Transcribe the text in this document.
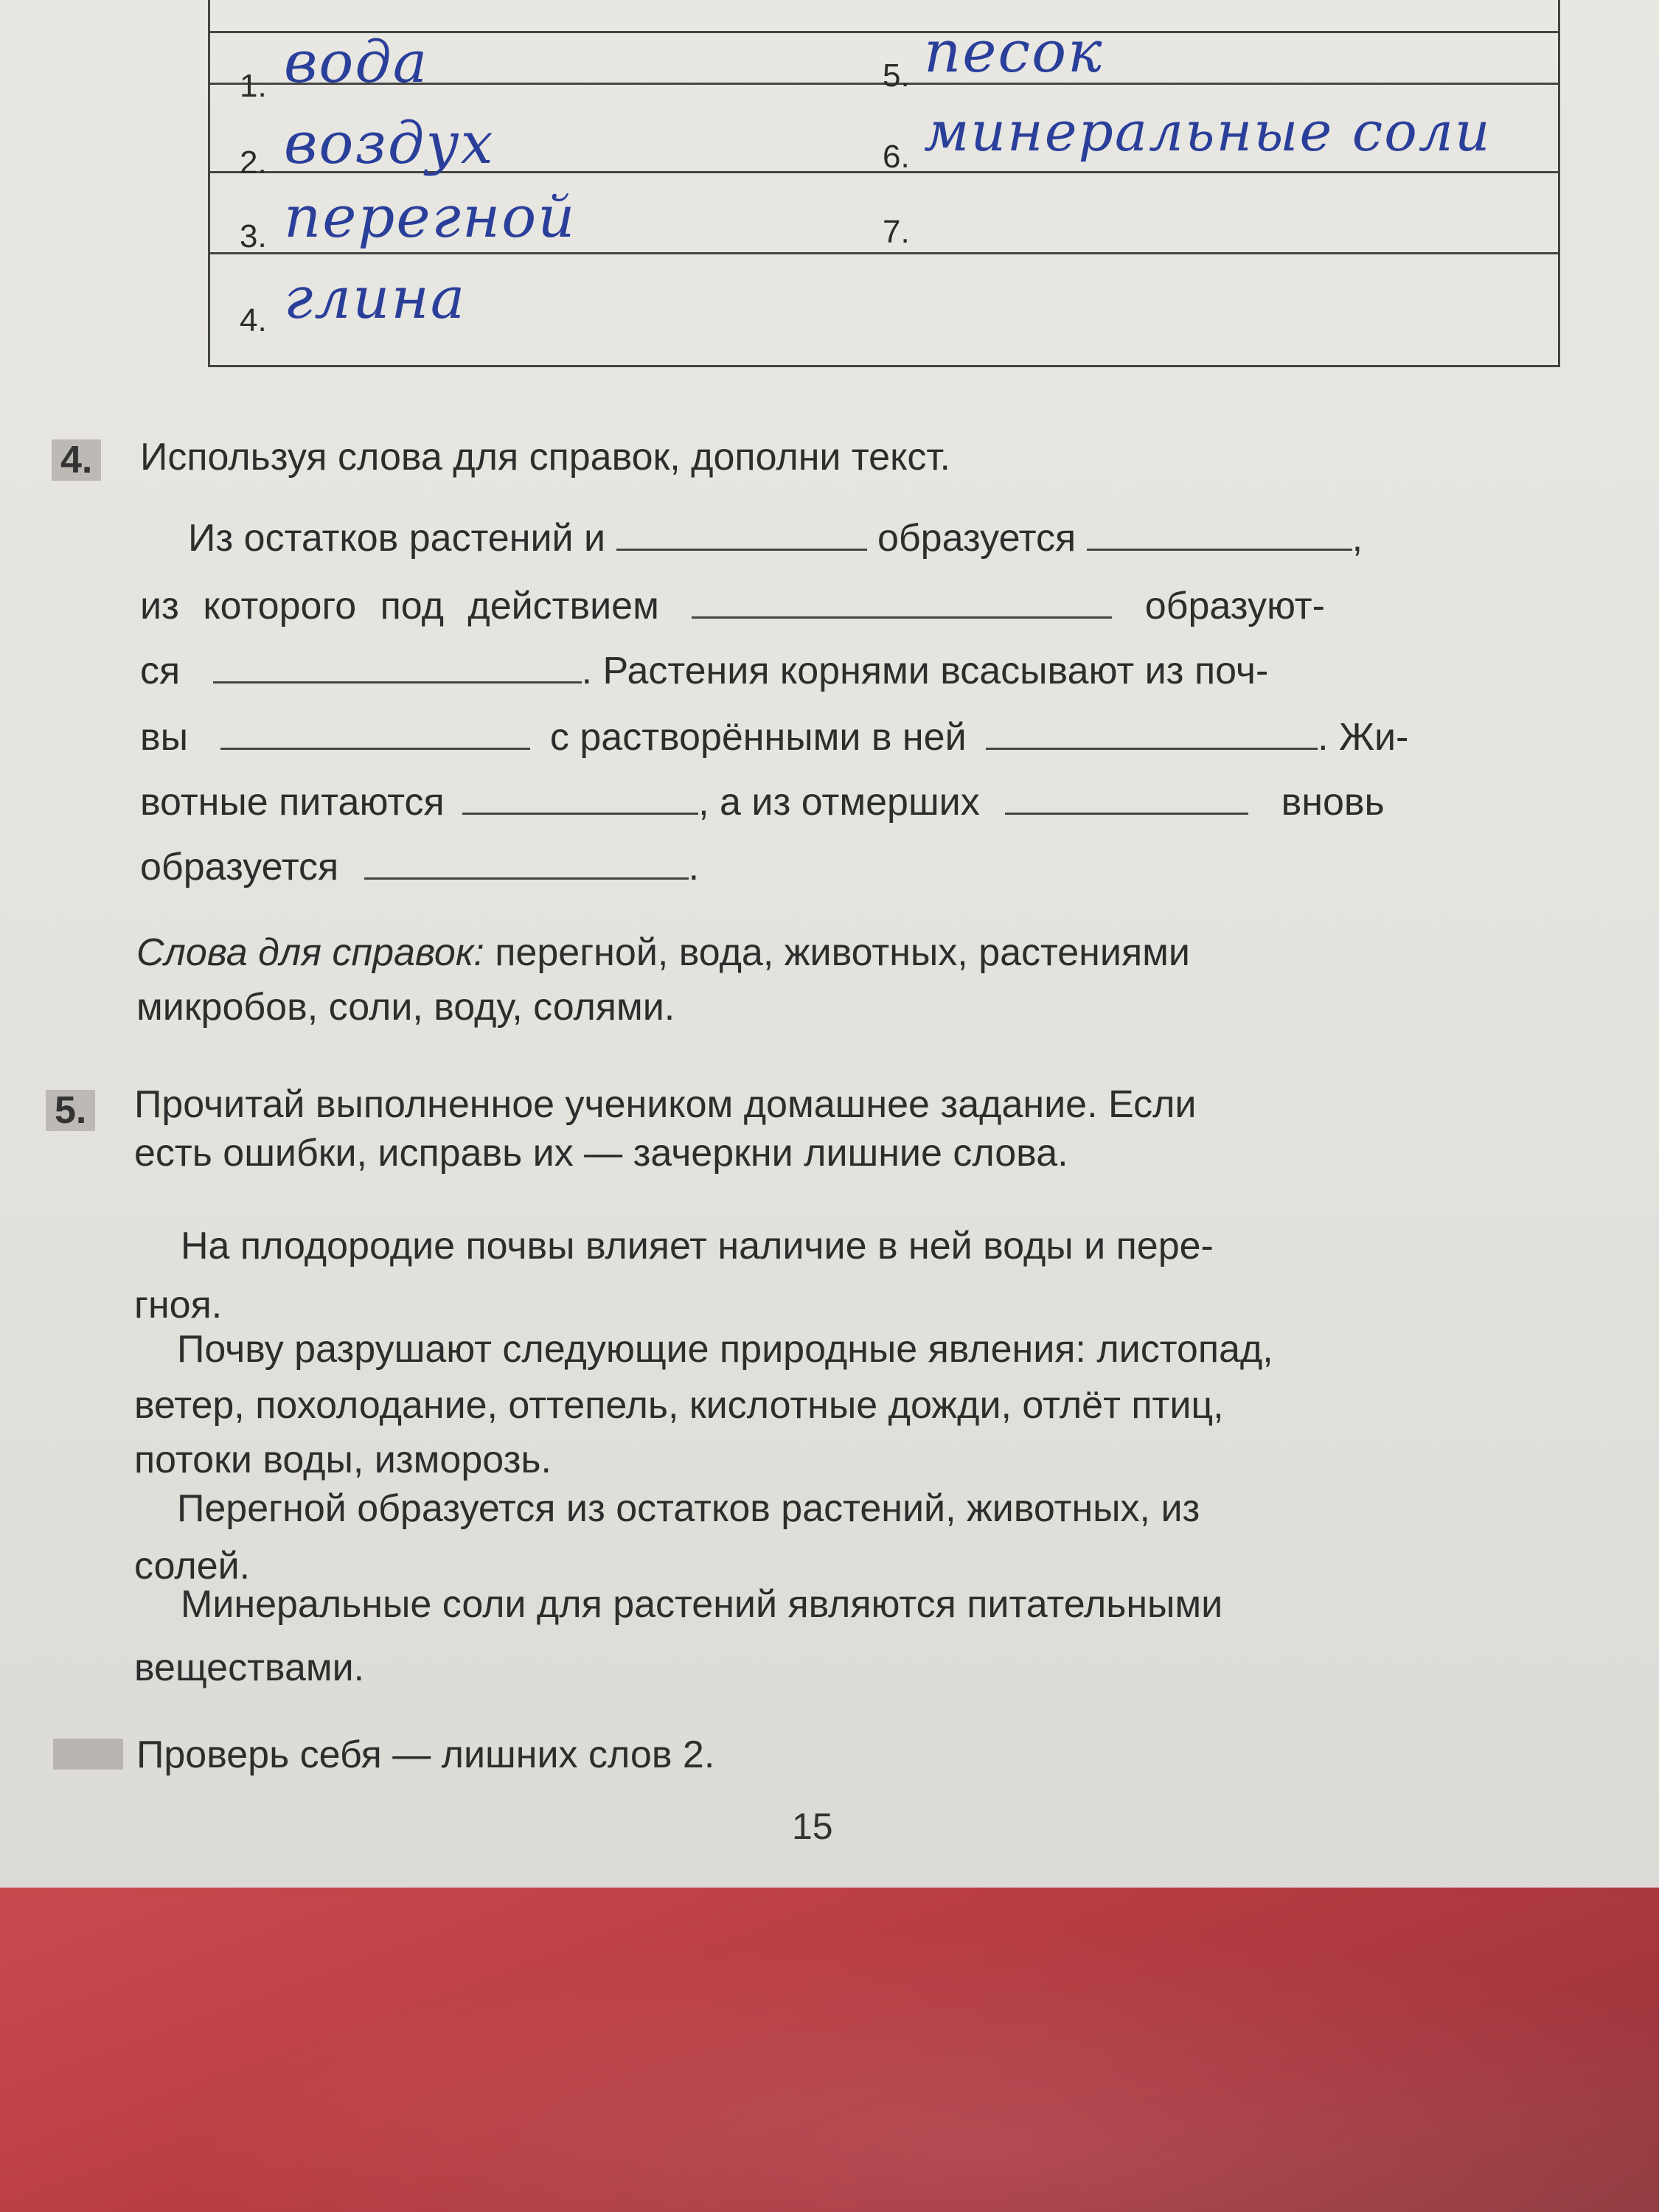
1. вода	5. песок
2. воздух	6. минеральные соли
3. перегной	7.
4. глина
4. Используя слова для справок, дополни текст.
Из остатков растений и	образуется	,
из которого под действием	образуют-
ся	. Растения корнями всасывают из поч-
вы	с растворёнными в ней	. Жи-
вотные питаются	, а из отмерших	вновь
образуется	.
Слова для справок: перегной, вода, животных, растениями
микробов, соли, воду, солями.
5. Прочитай выполненное учеником домашнее задание. Если
есть ошибки, исправь их — зачеркни лишние слова.
На плодородие почвы влияет наличие в ней воды и пере-
гноя.
Почву разрушают следующие природные явления: листопад,
ветер, похолодание, оттепель, кислотные дожди, отлёт птиц,
потоки воды, изморозь.
Перегной образуется из остатков растений, животных, из
солей.
Минеральные соли для растений являются питательными
веществами.
Проверь себя — лишних слов 2.
15
